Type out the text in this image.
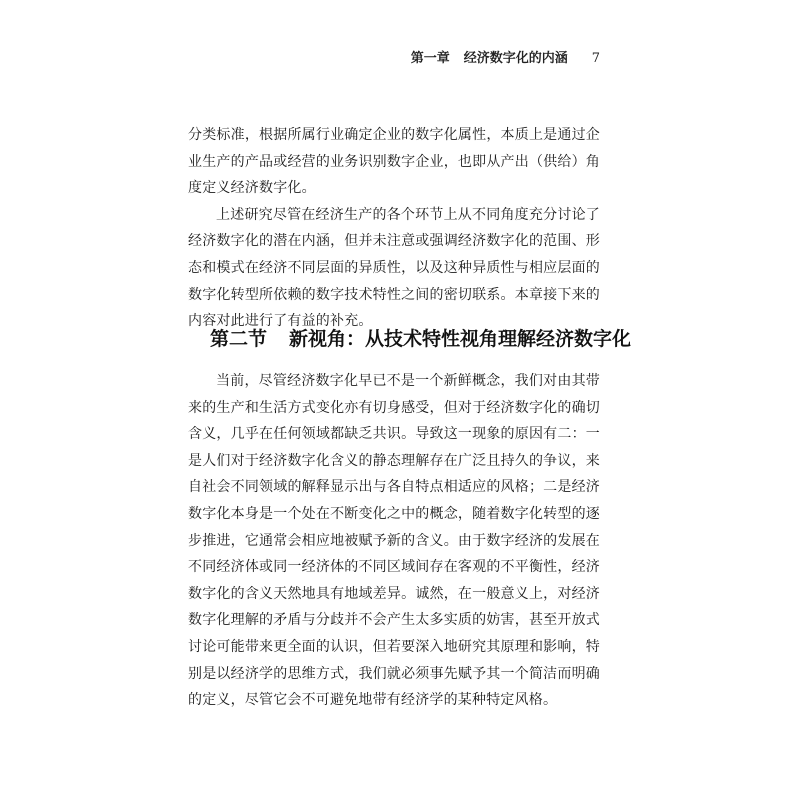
第一章 经济数字化的内涵 7

分类标准，根据所属行业确定企业的数字化属性，本质上是通过企业生产的产品或经营的业务识别数字企业，也即从产出（供给）角度定义经济数字化。

上述研究尽管在经济生产的各个环节上从不同角度充分讨论了经济数字化的潜在内涵，但并未注意或强调经济数字化的范围、形态和模式在经济不同层面的异质性，以及这种异质性与相应层面的数字化转型所依赖的数字技术特性之间的密切联系。本章接下来的内容对此进行了有益的补充。

第二节 新视角：从技术特性视角理解经济数字化

当前，尽管经济数字化早已不是一个新鲜概念，我们对由其带来的生产和生活方式变化亦有切身感受，但对于经济数字化的确切含义，几乎在任何领域都缺乏共识。导致这一现象的原因有二：一是人们对于经济数字化含义的静态理解存在广泛且持久的争议，来自社会不同领域的解释显示出与各自特点相适应的风格；二是经济数字化本身是一个处在不断变化之中的概念，随着数字化转型的逐步推进，它通常会相应地被赋予新的含义。由于数字经济的发展在不同经济体或同一经济体的不同区域间存在客观的不平衡性，经济数字化的含义天然地具有地域差异。诚然，在一般意义上，对经济数字化理解的矛盾与分歧并不会产生太多实质的妨害，甚至开放式讨论可能带来更全面的认识，但若要深入地研究其原理和影响，特别是以经济学的思维方式，我们就必须事先赋予其一个简洁而明确的定义，尽管它会不可避免地带有经济学的某种特定风格。
